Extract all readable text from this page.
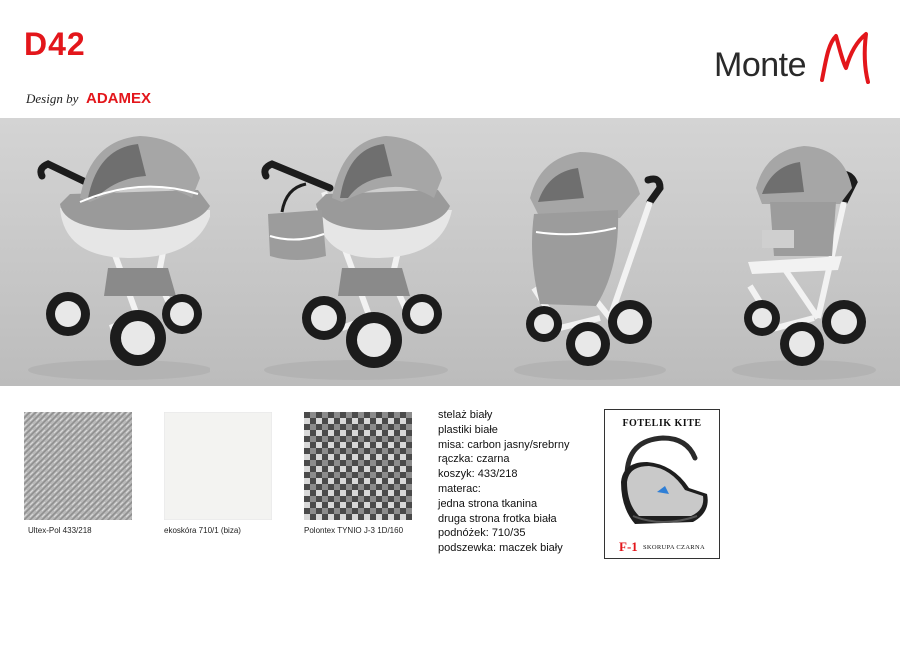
D42
Design by ADAMEX
Monte
Ultex-Pol 433/218	ekoskóra 710/1 (biza)	Polontex TYNIO J-3 1D/160
stelaż biały
plastiki białe
misa: carbon jasny/srebrny
rączka: czarna
koszyk: 433/218
materac:
jedna strona tkanina
druga strona frotka biała
podnóżek: 710/35
podszewka: maczek biały
FOTELIK KITE
F-1 SKORUPA CZARNA
